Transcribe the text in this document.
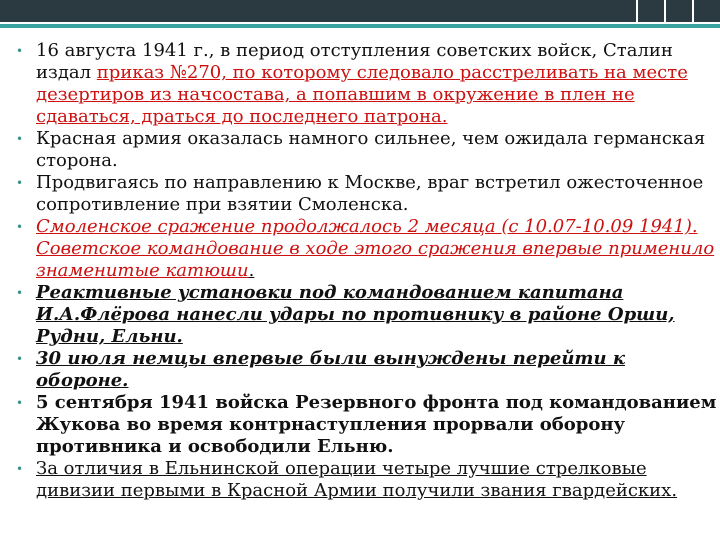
• 16 августа 1941 г., в период отступления советских войск, Сталин издал приказ №270, по которому следовало расстреливать на месте дезертиров из начсостава, а попавшим в окружение в плен не сдаваться, драться до последнего патрона.
• Красная армия оказалась намного сильнее, чем ожидала германская сторона.
• Продвигаясь по направлению к Москве, враг встретил ожесточенное сопротивление при взятии Смоленска.
• Смоленское сражение продолжалось 2 месяца (с 10.07-10.09 1941). Советское командование в ходе этого сражения впервые применило знаменитые катюши.
• Реактивные установки под командованием капитана И.А.Флёрова нанесли удары по противнику в районе Орши, Рудни, Ельни.
• 30 июля немцы впервые были вынуждены перейти к обороне.
• 5 сентября 1941 войска Резервного фронта под командованием Жукова во время контрнаступления прорвали оборону противника и освободили Ельню.
• За отличия в Ельнинской операции четыре лучшие стрелковые дивизии первыми в Красной Армии получили звания гвардейских.
